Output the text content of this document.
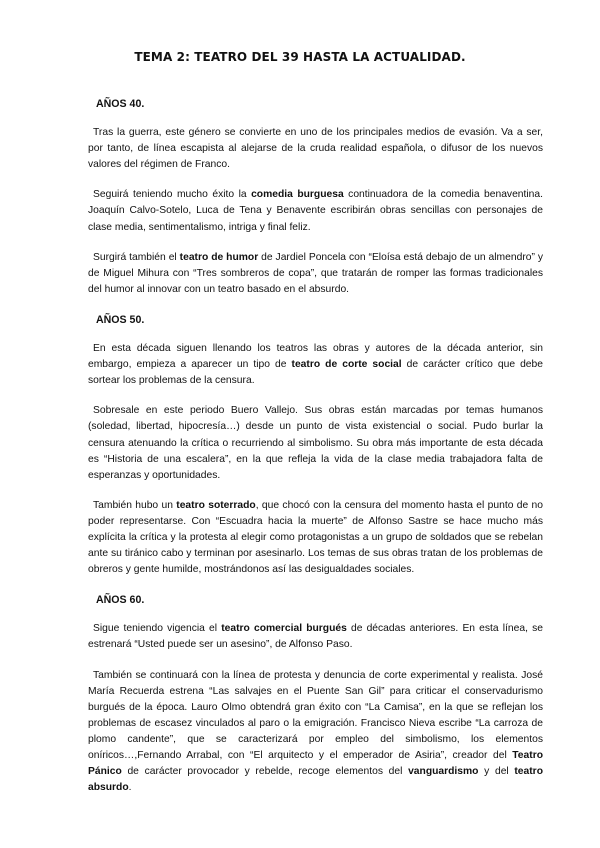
TEMA 2: TEATRO DEL 39 HASTA LA ACTUALIDAD.
AÑOS 40.

Tras la guerra, este género se convierte en uno de los principales medios de evasión. Va a ser, por tanto, de línea escapista al alejarse de la cruda realidad española, o difusor de los nuevos valores del régimen de Franco.

Seguirá teniendo mucho éxito la comedia burguesa continuadora de la comedia benaventina. Joaquín Calvo-Sotelo, Luca de Tena y Benavente escribirán obras sencillas con personajes de clase media, sentimentalismo, intriga y final feliz.

Surgirá también el teatro de humor de Jardiel Poncela con “Eloísa está debajo de un almendro” y de Miguel Mihura con “Tres sombreros de copa”, que tratarán de romper las formas tradicionales del humor al innovar con un teatro basado en el absurdo.

AÑOS 50.

En esta década siguen llenando los teatros las obras y autores de la década anterior, sin embargo, empieza a aparecer un tipo de teatro de corte social de carácter crítico que debe sortear los problemas de la censura.

Sobresale en este periodo Buero Vallejo. Sus obras están marcadas por temas humanos (soledad, libertad, hipocresía…) desde un punto de vista existencial o social. Pudo burlar la censura atenuando la crítica o recurriendo al simbolismo. Su obra más importante de esta década es “Historia de una escalera”, en la que refleja la vida de la clase media trabajadora falta de esperanzas y oportunidades.

También hubo un teatro soterrado, que chocó con la censura del momento hasta el punto de no poder representarse. Con “Escuadra hacia la muerte” de Alfonso Sastre se hace mucho más explícita la crítica y la protesta al elegir como protagonistas a un grupo de soldados que se rebelan ante su tiránico cabo y terminan por asesinarlo. Los temas de sus obras tratan de los problemas de obreros y gente humilde, mostrándonos así las desigualdades sociales.

AÑOS 60.

Sigue teniendo vigencia el teatro comercial burgués de décadas anteriores. En esta línea, se estrenará “Usted puede ser un asesino”, de Alfonso Paso.

También se continuará con la línea de protesta y denuncia de corte experimental y realista. José María Recuerda estrena “Las salvajes en el Puente San Gil” para criticar el conservadurismo burgués de la época. Lauro Olmo obtendrá gran éxito con “La Camisa”, en la que se reflejan los problemas de escasez vinculados al paro o la emigración. Francisco Nieva escribe “La carroza de plomo candente”, que se caracterizará por empleo del simbolismo, los elementos oníricos…,Fernando Arrabal, con “El arquitecto y el emperador de Asiria”, creador del Teatro Pánico de carácter provocador y rebelde, recoge elementos del vanguardismo y del teatro absurdo.
